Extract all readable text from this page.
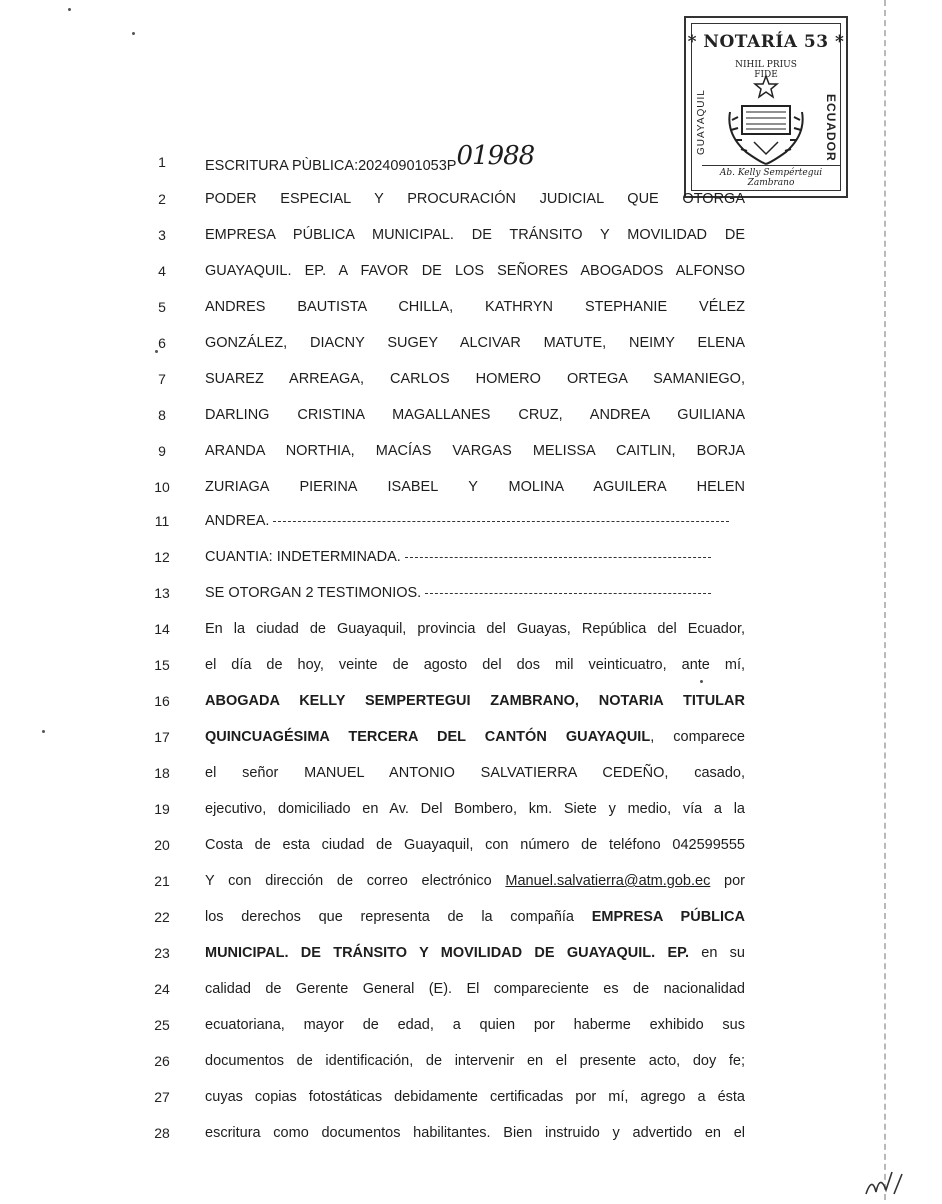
* NOTARÍA 53 *
NIHIL PRIUS FIDE
GUAYAQUIL	ECUADOR
Ab. Kelly Sempértegui Zambrano
1	ESCRITURA PÙBLICA:20240901053P01988
2	PODER ESPECIAL Y PROCURACIÓN JUDICIAL QUE OTORGA
3	EMPRESA PÚBLICA MUNICIPAL. DE TRÁNSITO Y MOVILIDAD DE
4	GUAYAQUIL. EP. A FAVOR DE LOS SEÑORES ABOGADOS ALFONSO
5	ANDRES BAUTISTA CHILLA, KATHRYN STEPHANIE VÉLEZ
6	GONZÁLEZ, DIACNY SUGEY ALCIVAR MATUTE, NEIMY ELENA
7	SUAREZ ARREAGA, CARLOS HOMERO ORTEGA SAMANIEGO,
8	DARLING CRISTINA MAGALLANES CRUZ, ANDREA GUILIANA
9	ARANDA NORTHIA, MACÍAS VARGAS MELISSA CAITLIN, BORJA
10	ZURIAGA PIERINA ISABEL Y MOLINA AGUILERA HELEN
11	ANDREA.
12	CUANTIA: INDETERMINADA.
13	SE OTORGAN 2 TESTIMONIOS.
14	En la ciudad de Guayaquil, provincia del Guayas, República del Ecuador,
15	el día de hoy, veinte de agosto del dos mil veinticuatro, ante mí,
16	ABOGADA KELLY SEMPERTEGUI ZAMBRANO, NOTARIA TITULAR
17	QUINCUAGÉSIMA TERCERA DEL CANTÓN GUAYAQUIL, comparece
18	el señor MANUEL ANTONIO SALVATIERRA CEDEÑO, casado,
19	ejecutivo, domiciliado en Av. Del Bombero, km. Siete y medio, vía a la
20	Costa de esta ciudad de Guayaquil, con número de teléfono 042599555
21	Y con dirección de correo electrónico Manuel.salvatierra@atm.gob.ec por
22	los derechos que representa de la compañía EMPRESA PÚBLICA
23	MUNICIPAL. DE TRÁNSITO Y MOVILIDAD DE GUAYAQUIL. EP. en su
24	calidad de Gerente General (E). El compareciente es de nacionalidad
25	ecuatoriana, mayor de edad, a quien por haberme exhibido sus
26	documentos de identificación, de intervenir en el presente acto, doy fe;
27	cuyas copias fotostáticas debidamente certificadas por mí, agrego a ésta
28	escritura como documentos habilitantes. Bien instruido y advertido en el
